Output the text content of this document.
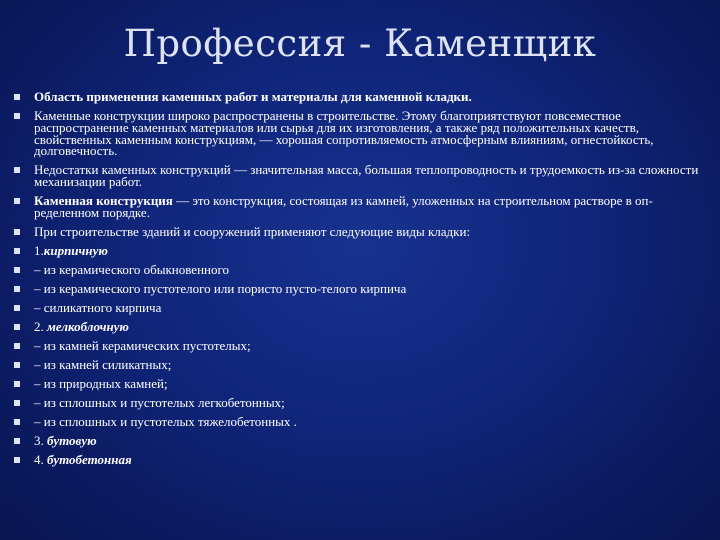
Профессия - Каменщик
Область применения каменных работ и материалы для каменной кладки.
Каменные конструкции широко распространены в строительстве. Этому благоприятствуют повсеместное распространение каменных материалов или сырья для их изготовления, а также ряд положительных качеств, свойственных каменным конструкциям, — хорошая сопротивляемость атмосферным влияниям, огнестойкость, долговечность.
Недостатки каменных конструкций — значительная масса, большая теплопроводность и трудоемкость из-за сложности механизации работ.
Каменная конструкция — это конструкция, состоящая из камней, уложенных на строительном растворе в оп-ределенном порядке.
При строительстве зданий и сооружений применяют следующие виды кладки:
1.кирпичную
– из керамического обыкновенного
– из керамического пустотелого или пористо пусто-телого кирпича
– силикатного кирпича
2. мелкоблочную
– из камней керамических пустотелых;
– из камней силикатных;
– из природных камней;
– из сплошных и пустотелых легкобетонных;
– из сплошных и пустотелых тяжелобетонных .
3. бутовую
4. бутобетонная
